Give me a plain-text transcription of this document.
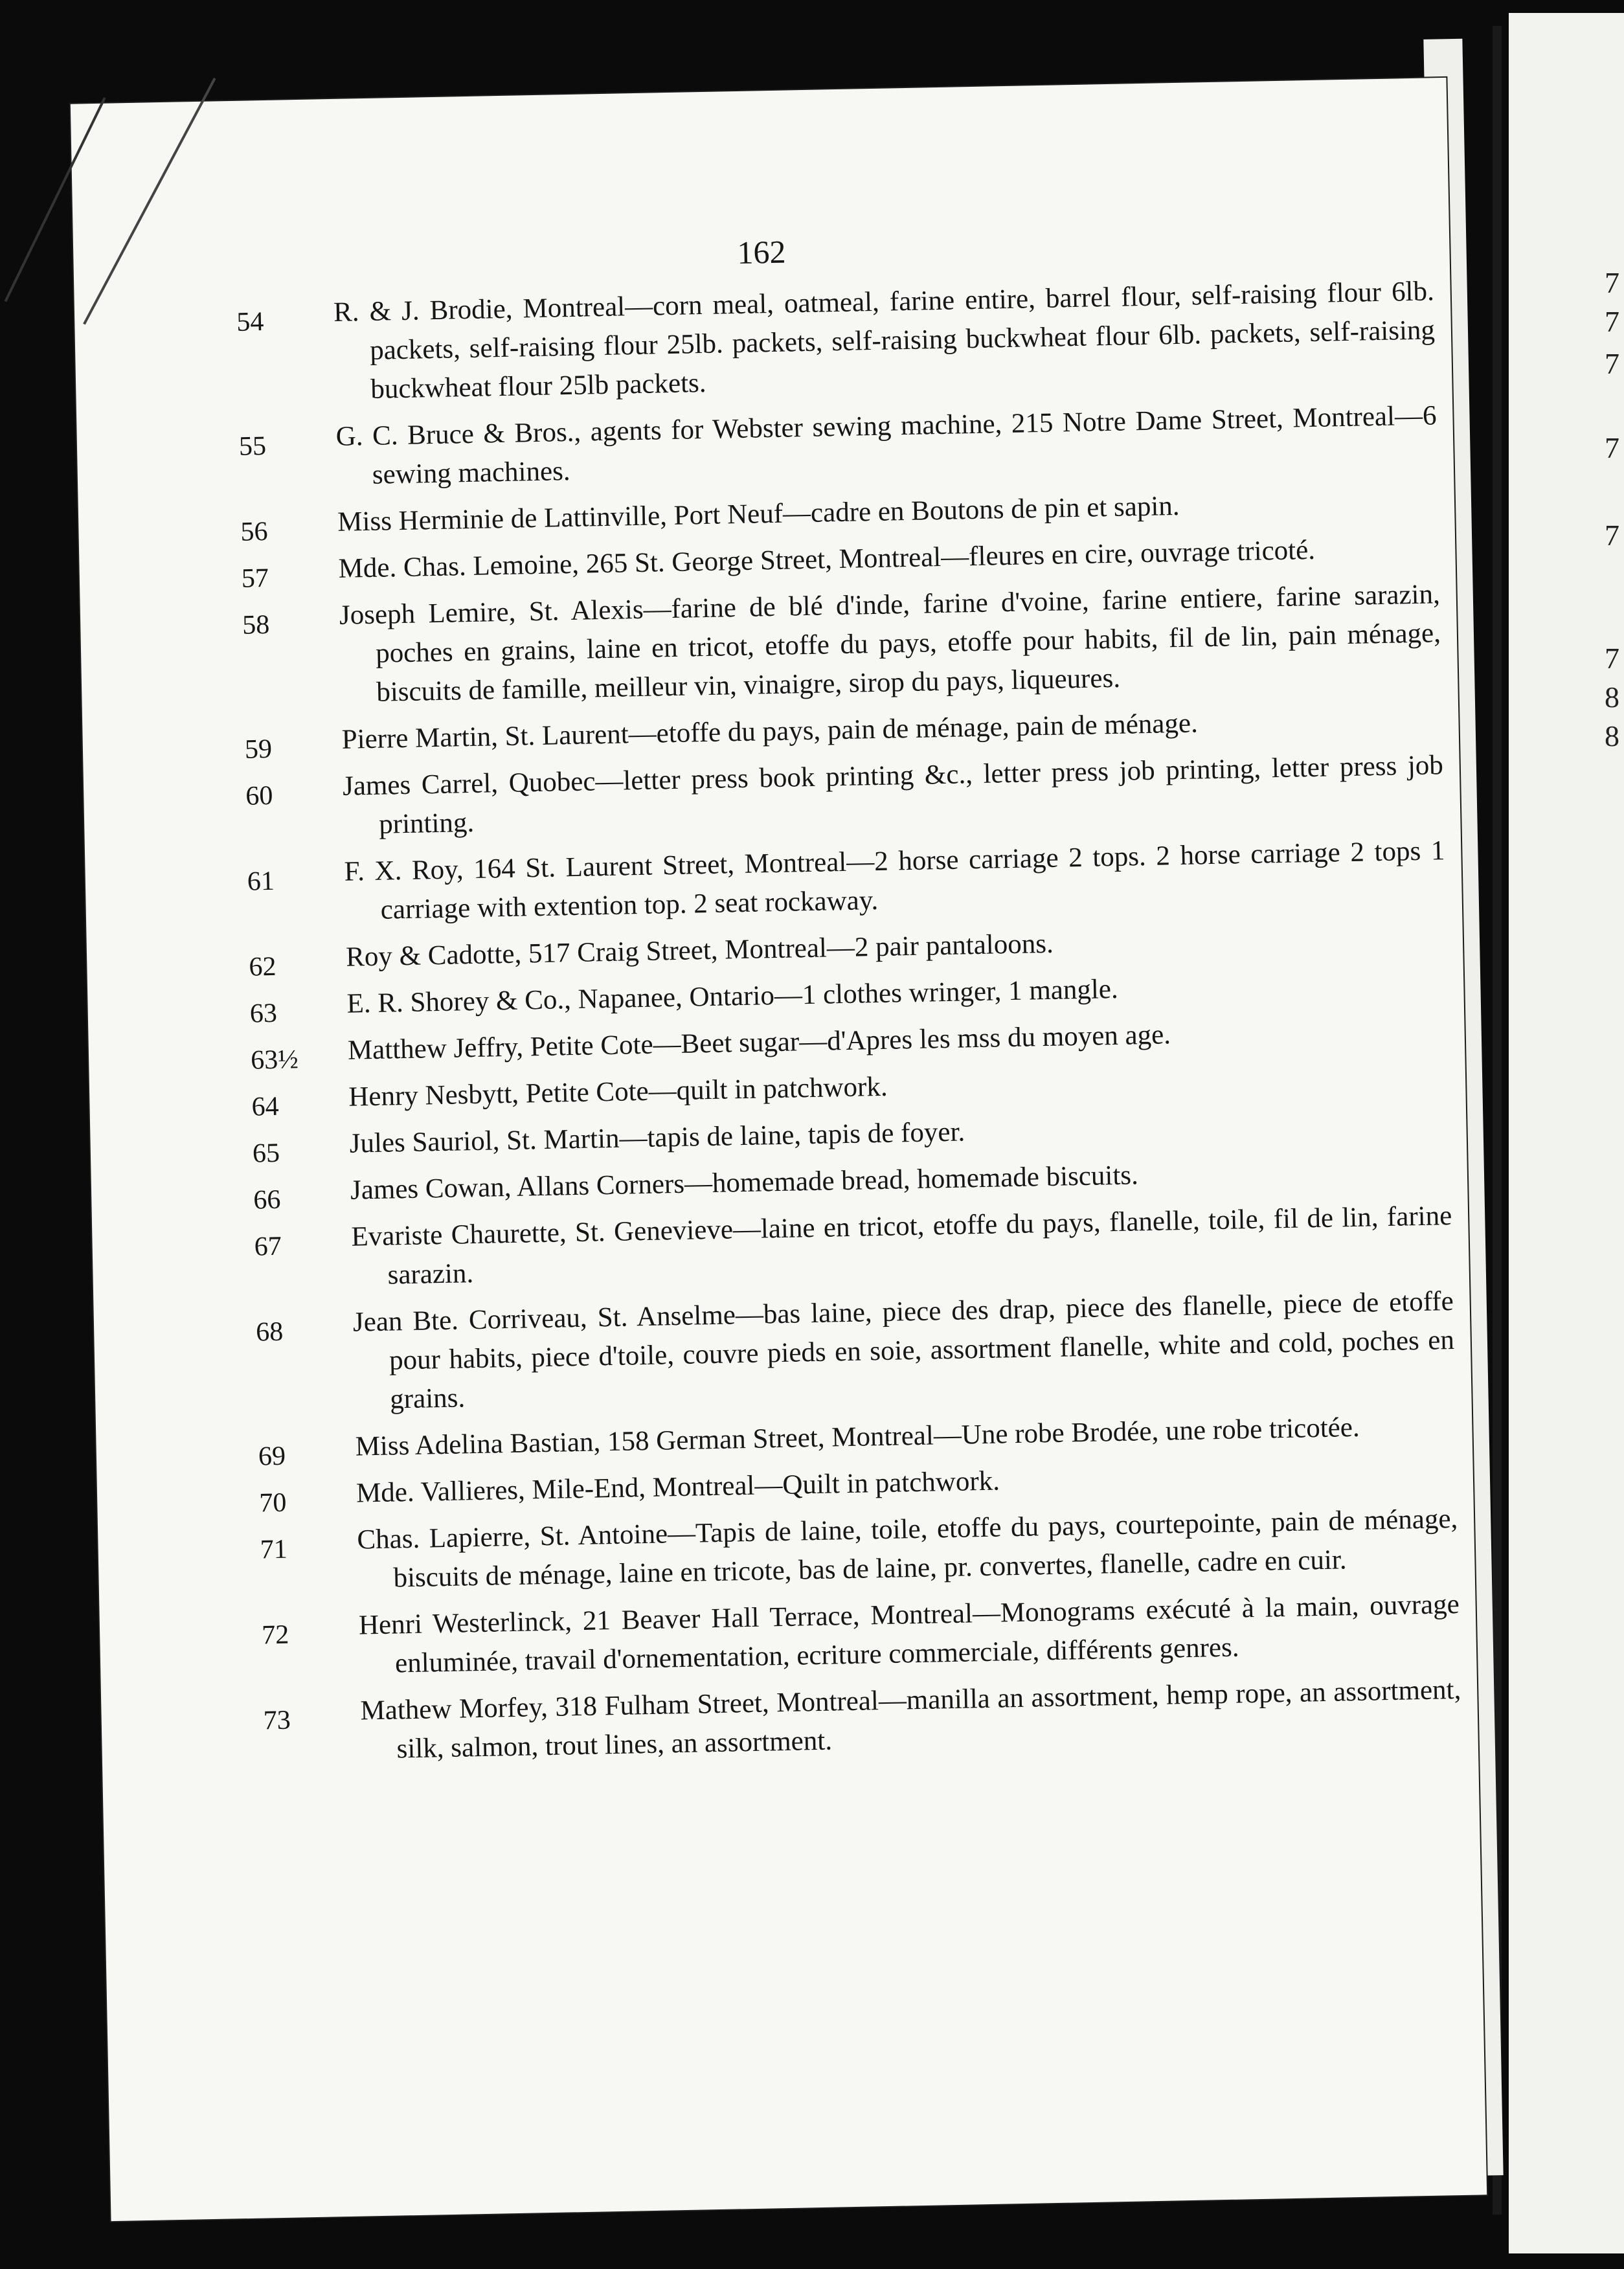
7
7
7
7
7
7
8
8
162
54	R. & J. Brodie, Montreal—corn meal, oatmeal, farine entire, barrel flour, self-raising flour 6lb. packets, self-raising flour 25lb. packets, self-raising buckwheat flour 6lb. packets, self-raising buckwheat flour 25lb packets.
55	G. C. Bruce & Bros., agents for Webster sewing machine, 215 Notre Dame Street, Montreal—6 sewing machines.
56	Miss Herminie de Lattinville, Port Neuf—cadre en Boutons de pin et sapin.
57	Mde. Chas. Lemoine, 265 St. George Street, Montreal—fleures en cire, ouvrage tricoté.
58	Joseph Lemire, St. Alexis—farine de blé d'inde, farine d'voine, farine entiere, farine sarazin, poches en grains, laine en tricot, etoffe du pays, etoffe pour habits, fil de lin, pain ménage, biscuits de famille, meilleur vin, vinaigre, sirop du pays, liqueures.
59	Pierre Martin, St. Laurent—etoffe du pays, pain de ménage, pain de ménage.
60	James Carrel, Quobec—letter press book printing &c., letter press job printing, letter press job printing.
61	F. X. Roy, 164 St. Laurent Street, Montreal—2 horse carriage 2 tops. 2 horse carriage 2 tops 1 carriage with extention top. 2 seat rockaway.
62	Roy & Cadotte, 517 Craig Street, Montreal—2 pair pantaloons.
63	E. R. Shorey & Co., Napanee, Ontario—1 clothes wringer, 1 mangle.
63½	Matthew Jeffry, Petite Cote—Beet sugar—d'Apres les mss du moyen age.
64	Henry Nesbytt, Petite Cote—quilt in patchwork.
65	Jules Sauriol, St. Martin—tapis de laine, tapis de foyer.
66	James Cowan, Allans Corners—homemade bread, homemade biscuits.
67	Evariste Chaurette, St. Genevieve—laine en tricot, etoffe du pays, flanelle, toile, fil de lin, farine sarazin.
68	Jean Bte. Corriveau, St. Anselme—bas laine, piece des drap, piece des flanelle, piece de etoffe pour habits, piece d'toile, couvre pieds en soie, assortment flanelle, white and cold, poches en grains.
69	Miss Adelina Bastian, 158 German Street, Montreal—Une robe Brodée, une robe tricotée.
70	Mde. Vallieres, Mile-End, Montreal—Quilt in patchwork.
71	Chas. Lapierre, St. Antoine—Tapis de laine, toile, etoffe du pays, courtepointe, pain de ménage, biscuits de ménage, laine en tricote, bas de laine, pr. convertes, flanelle, cadre en cuir.
72	Henri Westerlinck, 21 Beaver Hall Terrace, Montreal—Monograms exécuté à la main, ouvrage enluminée, travail d'ornementation, ecriture commerciale, différents genres.
73	Mathew Morfey, 318 Fulham Street, Montreal—manilla an assortment, hemp rope, an assortment, silk, salmon, trout lines, an assortment.
